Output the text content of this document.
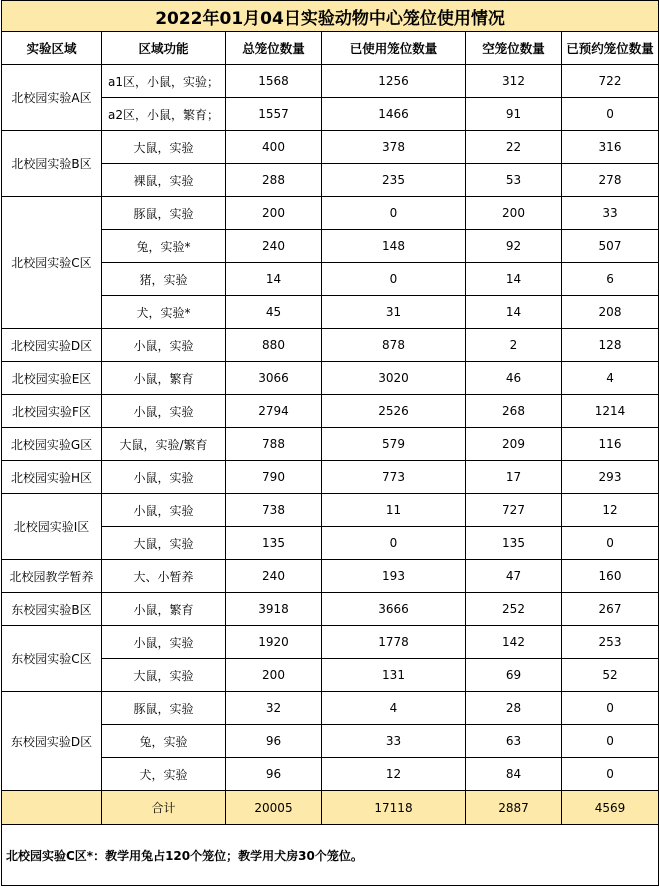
2022年01月04日实验动物中心笼位使用情况					
实验区域	区域功能	总笼位数量	已使用笼位数量	空笼位数量	已预约笼位数量
北校园实验A区	a1区，小鼠，实验；	1568	1256	312	722
	a2区，小鼠，繁育；	1557	1466	91	0
北校园实验B区	大鼠，实验	400	378	22	316
	裸鼠，实验	288	235	53	278
北校园实验C区	豚鼠，实验	200	0	200	33
	兔，实验*	240	148	92	507
	猪，实验	14	0	14	6
	犬，实验*	45	31	14	208
北校园实验D区	小鼠，实验	880	878	2	128
北校园实验E区	小鼠，繁育	3066	3020	46	4
北校园实验F区	小鼠，实验	2794	2526	268	1214
北校园实验G区	大鼠，实验/繁育	788	579	209	116
北校园实验H区	小鼠，实验	790	773	17	293
北校园实验I区	小鼠，实验	738	11	727	12
	大鼠，实验	135	0	135	0
北校园教学暂养	大、小暂养	240	193	47	160
东校园实验B区	小鼠，繁育	3918	3666	252	267
东校园实验C区	小鼠，实验	1920	1778	142	253
	大鼠，实验	200	131	69	52
东校园实验D区	豚鼠，实验	32	4	28	0
	兔，实验	96	33	63	0
	犬，实验	96	12	84	0
	合计	20005	17118	2887	4569
北校园实验C区*：教学用兔占120个笼位；教学用犬房30个笼位。					
